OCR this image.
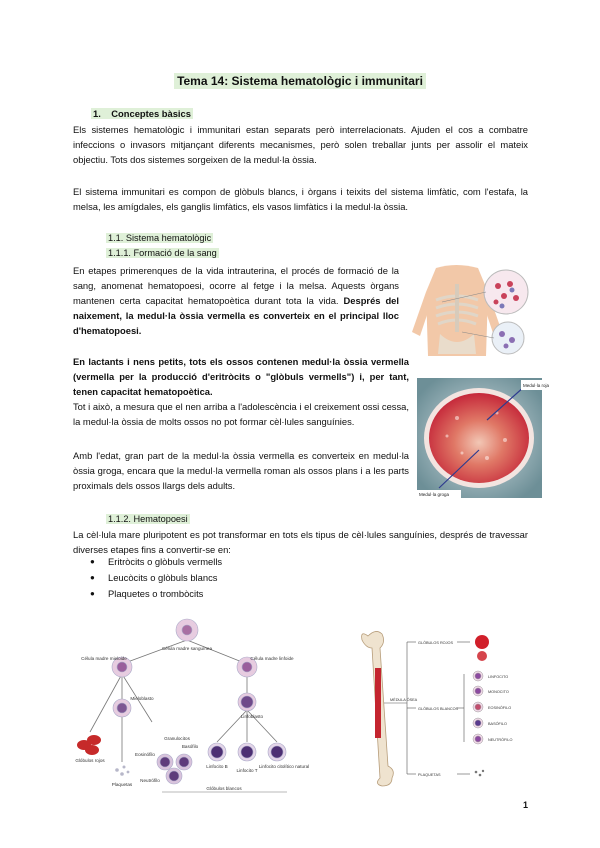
Tema 14: Sistema hematològic i immunitari
1. Conceptes bàsics
Els sistemes hematològic i immunitari estan separats però interrelacionats. Ajuden el cos a combatre infeccions o invasors mitjançant diferents mecanismes, però solen treballar junts per assolir el mateix objectiu. Tots dos sistemes sorgeixen de la medul·la òssia.
El sistema immunitari es compon de glòbuls blancs, i òrgans i teixits del sistema limfàtic, com l'estafa, la melsa, les amígdales, els ganglis limfàtics, els vasos limfàtics i la medul·la òssia.
1.1. Sistema hematològic
1.1.1. Formació de la sang
En etapes primerenques de la vida intrauterina, el procés de formació de la sang, anomenat hematopoesi, ocorre al fetge i la melsa. Aquests òrgans mantenen certa capacitat hematopoètica durant tota la vida. Després del naixement, la medul·la òssia vermella es converteix en el principal lloc d'hematopoesi.
En lactants i nens petits, tots els ossos contenen medul·la òssia vermella (vermella per la producció d'eritròcits o "glòbuls vermells") i, per tant, tenen capacitat hematopoètica.
Tot i això, a mesura que el nen arriba a l'adolescència i el creixement ossi cessa, la medul·la òssia de molts ossos no pot formar cèl·lules sanguínies.
Amb l'edat, gran part de la medul·la òssia vermella es converteix en medul·la òssia groga, encara que la medul·la vermella roman als ossos plans i a les parts proximals dels ossos llargs dels adults.
1.1.2. Hematopoesi
La cèl·lula mare pluripotent es pot transformar en tots els tipus de cèl·lules sanguínies, després de travessar diverses etapes fins a convertir-se en:
● Eritròcits o glòbuls vermells
● Leucòcits o glòbuls blancs
● Plaquetes o trombòcits
Medul·la roja
Medul·la groga
Célula madre sanguínea
Célula madre mieloide	Célula madre linfoide
Mieloblasto
Linfoblasto
Granulocitos
Basófilo
Eosinófilo
Neutrófilo
Glóbulos rojos
Plaquetas
Linfocito B
Linfocito T
Linfocito citolítico natural
Glóbulos blancos
MÉDULA ÓSEA
GLÓBULOS ROJOS
GLÓBULOS BLANCOS
PLAQUETAS
LINFOCITO
MONOCITO
EOSINÓFILO
BASÓFILO
NEUTRÓFILO
1
